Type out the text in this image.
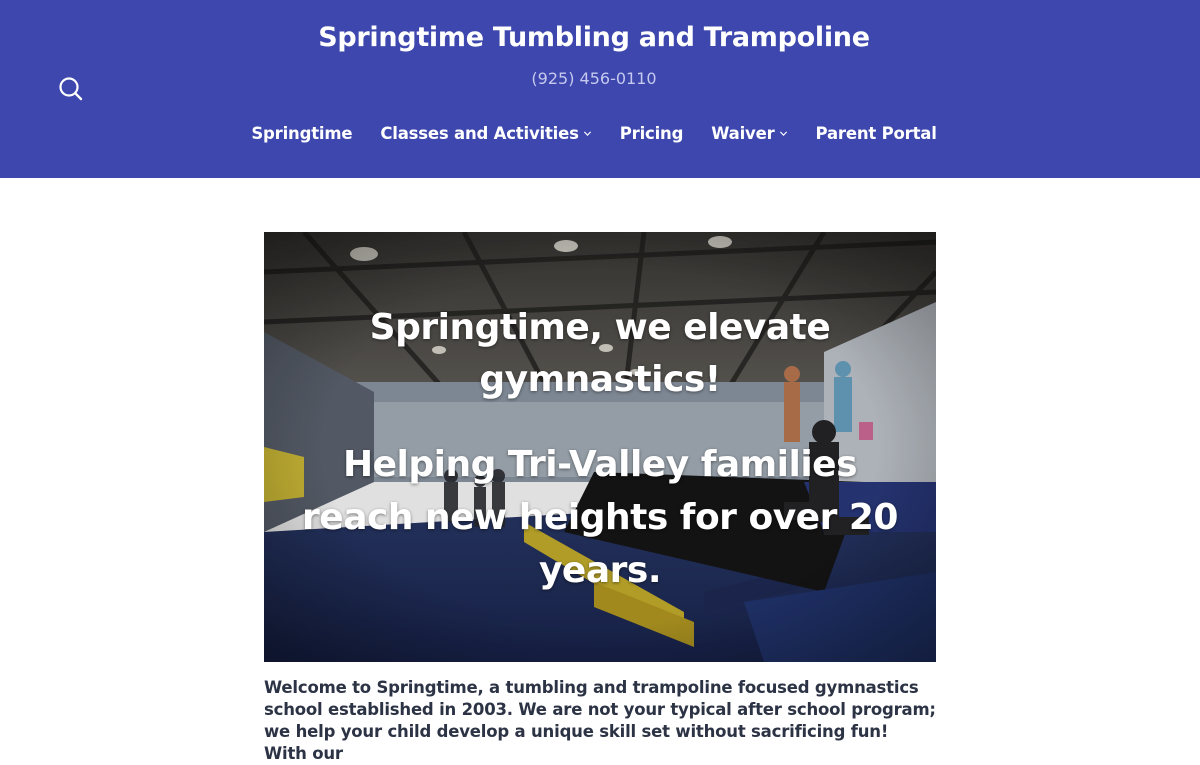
Springtime Tumbling and Trampoline
(925) 456-0110
Springtime Classes and Activities Pricing Waiver Parent Portal
Springtime, we elevate gymnastics!
Helping Tri-Valley families reach new heights for over 20 years.

Welcome to Springtime, a tumbling and trampoline focused gymnastics school established in 2003. We are not your typical after school program; we help your child develop a unique skill set without sacrificing fun! With our
